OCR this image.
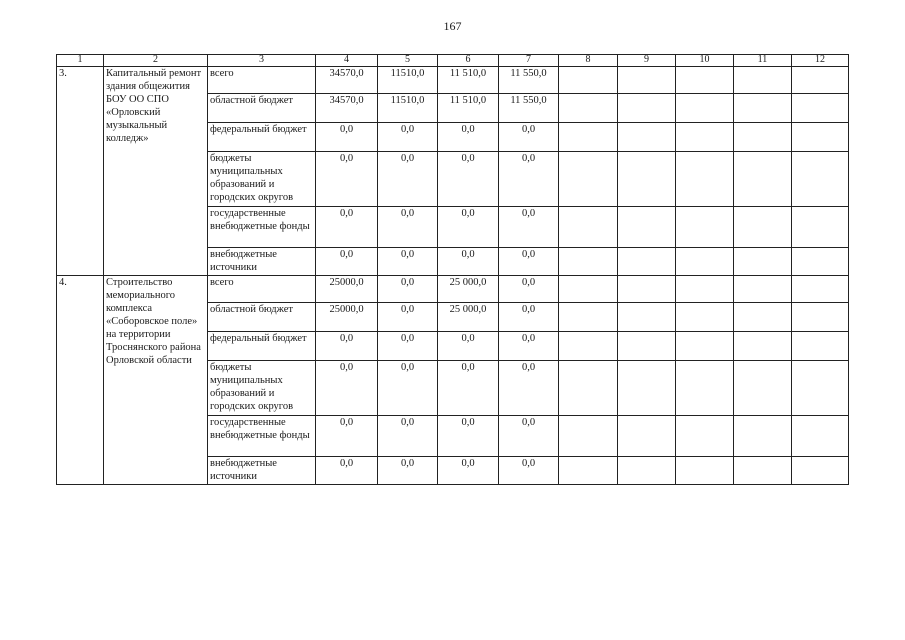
167
1	2	3	4	5	6	7	8	9	10	11	12
3.	Капитальный ремонт здания общежития БОУ ОО СПО «Орловский музыкальный колледж»	всего	34570,0	11510,0	11 510,0	11 550,0					
		областной бюджет	34570,0	11510,0	11 510,0	11 550,0					
		федеральный бюджет	0,0	0,0	0,0	0,0					
		бюджеты муниципальных образований и городских округов	0,0	0,0	0,0	0,0					
		государственные внебюджетные фонды	0,0	0,0	0,0	0,0					
		внебюджетные источники	0,0	0,0	0,0	0,0					
4.	Строительство мемориального комплекса «Соборовское поле» на территории Троснянского района Орловской области	всего	25000,0	0,0	25 000,0	0,0					
		областной бюджет	25000,0	0,0	25 000,0	0,0					
		федеральный бюджет	0,0	0,0	0,0	0,0					
		бюджеты муниципальных образований и городских округов	0,0	0,0	0,0	0,0					
		государственные внебюджетные фонды	0,0	0,0	0,0	0,0					
		внебюджетные источники	0,0	0,0	0,0	0,0					
